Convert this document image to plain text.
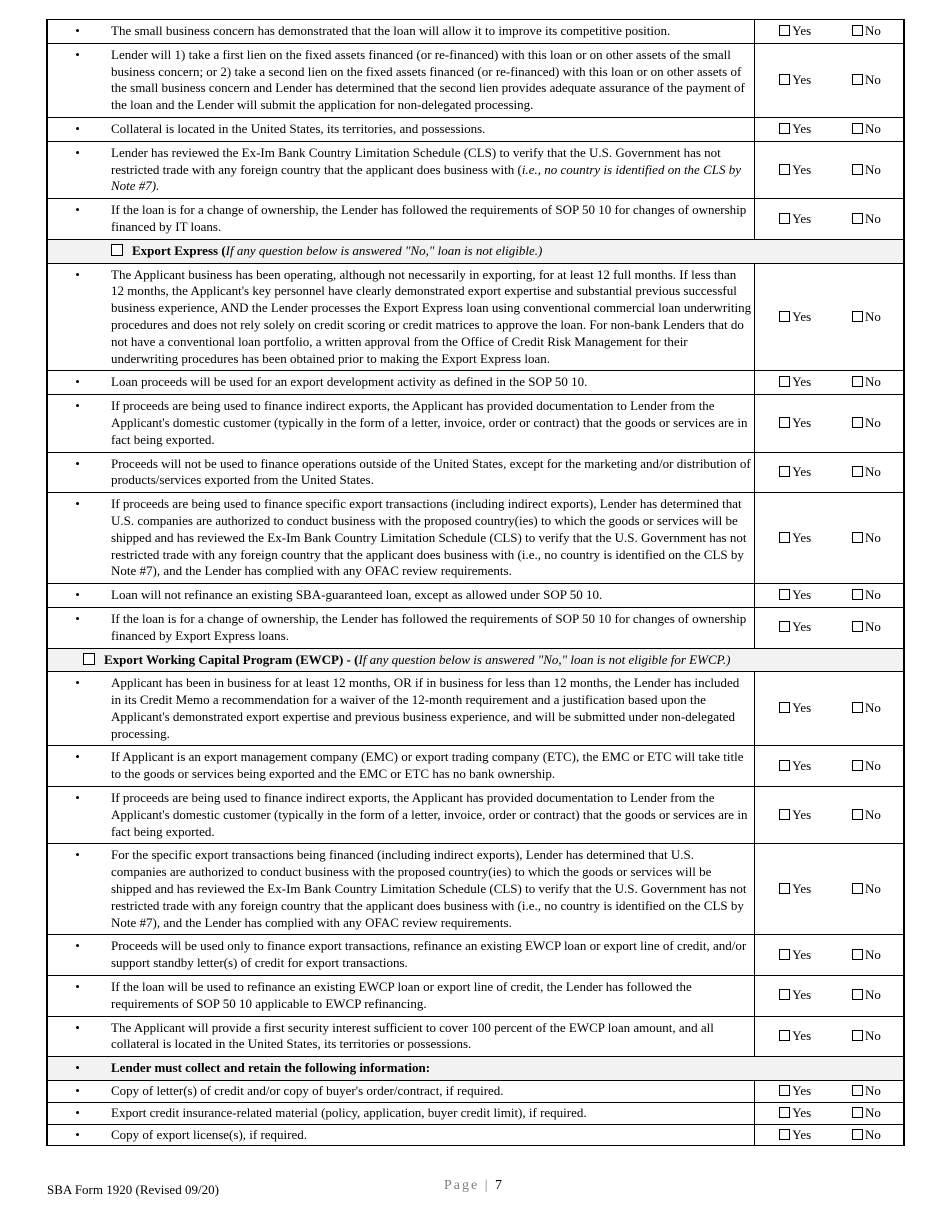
•	The small business concern has demonstrated that the loan will allow it to improve its competitive position.	Yes	No
•	Lender will 1) take a first lien on the fixed assets financed (or re-financed) with this loan or on other assets of the small business concern; or 2) take a second lien on the fixed assets financed (or re-financed) with this loan or on other assets of the small business concern and Lender has determined that the second lien provides adequate assurance of the payment of the loan and the Lender will submit the application for non-delegated processing.	Yes	No
•	Collateral is located in the United States, its territories, and possessions.	Yes	No
•	Lender has reviewed the Ex-Im Bank Country Limitation Schedule (CLS) to verify that the U.S. Government has not restricted trade with any foreign country that the applicant does business with (i.e., no country is identified on the CLS by Note #7).	Yes	No
•	If the loan is for a change of ownership, the Lender has followed the requirements of SOP 50 10 for changes of ownership financed by IT loans.	Yes	No
Export Express (If any question below is answered "No," loan is not eligible.)			
•	The Applicant business has been operating, although not necessarily in exporting, for at least 12 full months. If less than 12 months, the Applicant's key personnel have clearly demonstrated export expertise and substantial previous successful business experience, AND the Lender processes the Export Express loan using conventional commercial loan underwriting procedures and does not rely solely on credit scoring or credit matrices to approve the loan. For non-bank Lenders that do not have a conventional loan portfolio, a written approval from the Office of Credit Risk Management for their underwriting procedures has been obtained prior to making the Export Express loan.	Yes	No
•	Loan proceeds will be used for an export development activity as defined in the SOP 50 10.	Yes	No
•	If proceeds are being used to finance indirect exports, the Applicant has provided documentation to Lender from the Applicant's domestic customer (typically in the form of a letter, invoice, order or contract) that the goods or services are in fact being exported.	Yes	No
•	Proceeds will not be used to finance operations outside of the United States, except for the marketing and/or distribution of products/services exported from the United States.	Yes	No
•	If proceeds are being used to finance specific export transactions (including indirect exports), Lender has determined that U.S. companies are authorized to conduct business with the proposed country(ies) to which the goods or services will be shipped and has reviewed the Ex-Im Bank Country Limitation Schedule (CLS) to verify that the U.S. Government has not restricted trade with any foreign country that the applicant does business with (i.e., no country is identified on the CLS by Note #7), and the Lender has complied with any OFAC review requirements.	Yes	No
•	Loan will not refinance an existing SBA-guaranteed loan, except as allowed under SOP 50 10.	Yes	No
•	If the loan is for a change of ownership, the Lender has followed the requirements of SOP 50 10 for changes of ownership financed by Export Express loans.	Yes	No
Export Working Capital Program (EWCP) - (If any question below is answered "No," loan is not eligible for EWCP.)			
•	Applicant has been in business for at least 12 months, OR if in business for less than 12 months, the Lender has included in its Credit Memo a recommendation for a waiver of the 12-month requirement and a justification based upon the Applicant's demonstrated export expertise and previous business experience, and will be submitted under non-delegated processing.	Yes	No
•	If Applicant is an export management company (EMC) or export trading company (ETC), the EMC or ETC will take title to the goods or services being exported and the EMC or ETC has no bank ownership.	Yes	No
•	If proceeds are being used to finance indirect exports, the Applicant has provided documentation to Lender from the Applicant's domestic customer (typically in the form of a letter, invoice, order or contract) that the goods or services are in fact being exported.	Yes	No
•	For the specific export transactions being financed (including indirect exports), Lender has determined that U.S. companies are authorized to conduct business with the proposed country(ies) to which the goods or services will be shipped and has reviewed the Ex-Im Bank Country Limitation Schedule (CLS) to verify that the U.S. Government has not restricted trade with any foreign country that the applicant does business with (i.e., no country is identified on the CLS by Note #7), and the Lender has complied with any OFAC review requirements.	Yes	No
•	Proceeds will be used only to finance export transactions, refinance an existing EWCP loan or export line of credit, and/or support standby letter(s) of credit for export transactions.	Yes	No
•	If the loan will be used to refinance an existing EWCP loan or export line of credit, the Lender has followed the requirements of SOP 50 10 applicable to EWCP refinancing.	Yes	No
•	The Applicant will provide a first security interest sufficient to cover 100 percent of the EWCP loan amount, and all collateral is located in the United States, its territories or possessions.	Yes	No
•	Lender must collect and retain the following information:		
•	Copy of letter(s) of credit and/or copy of buyer's order/contract, if required.	Yes	No
•	Export credit insurance-related material (policy, application, buyer credit limit), if required.	Yes	No
•	Copy of export license(s), if required.	Yes	No
SBA Form 1920 (Revised 09/20)	Page | 7
